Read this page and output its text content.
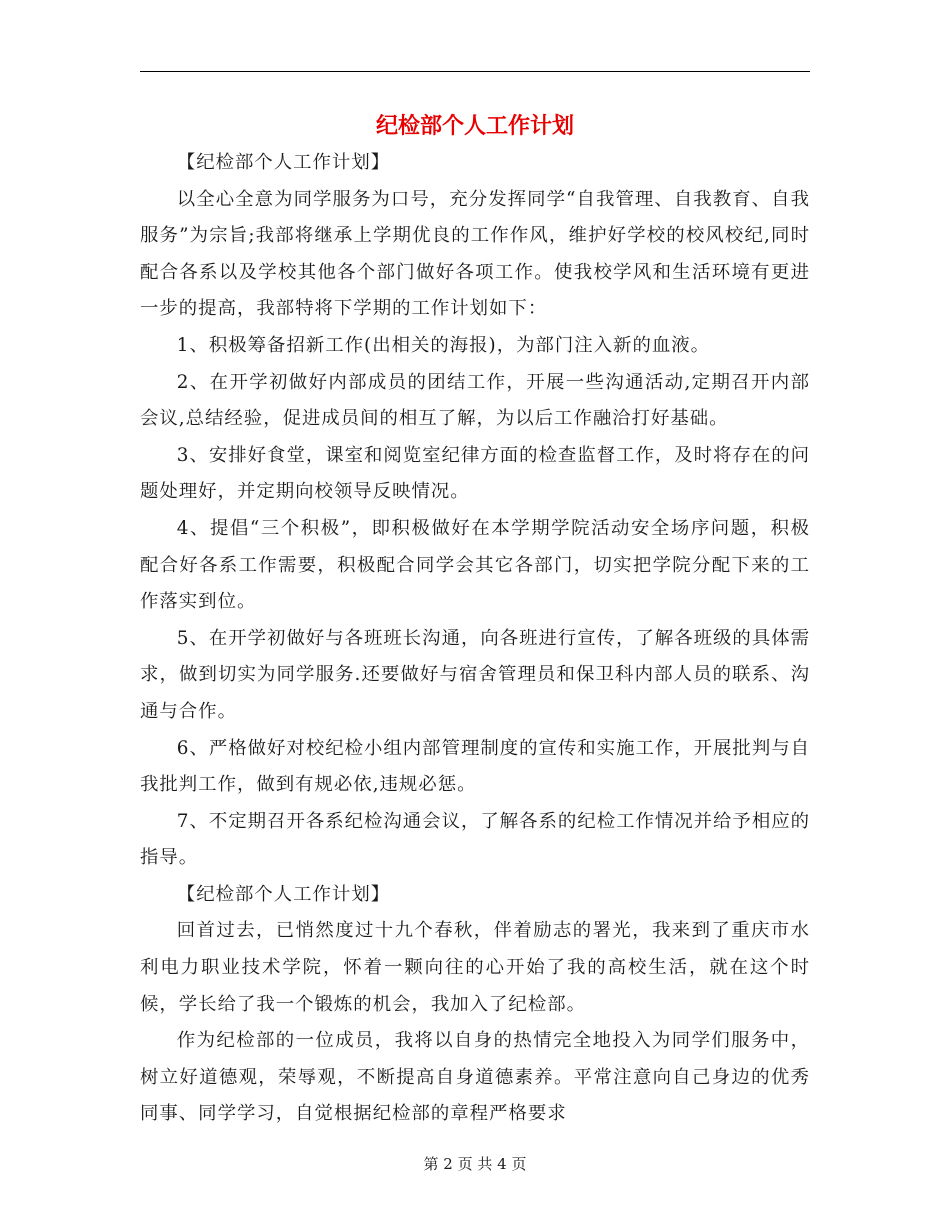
纪检部个人工作计划

【纪检部个人工作计划】

以全心全意为同学服务为口号，充分发挥同学“自我管理、自我教育、自我服务”为宗旨;我部将继承上学期优良的工作作风，维护好学校的校风校纪,同时配合各系以及学校其他各个部门做好各项工作。使我校学风和生活环境有更进一步的提高，我部特将下学期的工作计划如下：

1、积极筹备招新工作(出相关的海报)，为部门注入新的血液。

2、在开学初做好内部成员的团结工作，开展一些沟通活动,定期召开内部会议,总结经验，促进成员间的相互了解，为以后工作融洽打好基础。

3、安排好食堂，课室和阅览室纪律方面的检查监督工作，及时将存在的问题处理好，并定期向校领导反映情况。

4、提倡“三个积极”，即积极做好在本学期学院活动安全场序问题，积极配合好各系工作需要，积极配合同学会其它各部门，切实把学院分配下来的工作落实到位。

5、在开学初做好与各班班长沟通，向各班进行宣传，了解各班级的具体需求，做到切实为同学服务.还要做好与宿舍管理员和保卫科内部人员的联系、沟通与合作。

6、严格做好对校纪检小组内部管理制度的宣传和实施工作，开展批判与自我批判工作，做到有规必依,违规必惩。

7、不定期召开各系纪检沟通会议，了解各系的纪检工作情况并给予相应的指导。

【纪检部个人工作计划】

回首过去，已悄然度过十九个春秋，伴着励志的署光，我来到了重庆市水利电力职业技术学院，怀着一颗向往的心开始了我的高校生活，就在这个时候，学长给了我一个锻炼的机会，我加入了纪检部。

作为纪检部的一位成员，我将以自身的热情完全地投入为同学们服务中，树立好道德观，荣辱观，不断提高自身道德素养。平常注意向自己身边的优秀同事、同学学习，自觉根据纪检部的章程严格要求

第 2 页 共 4 页
